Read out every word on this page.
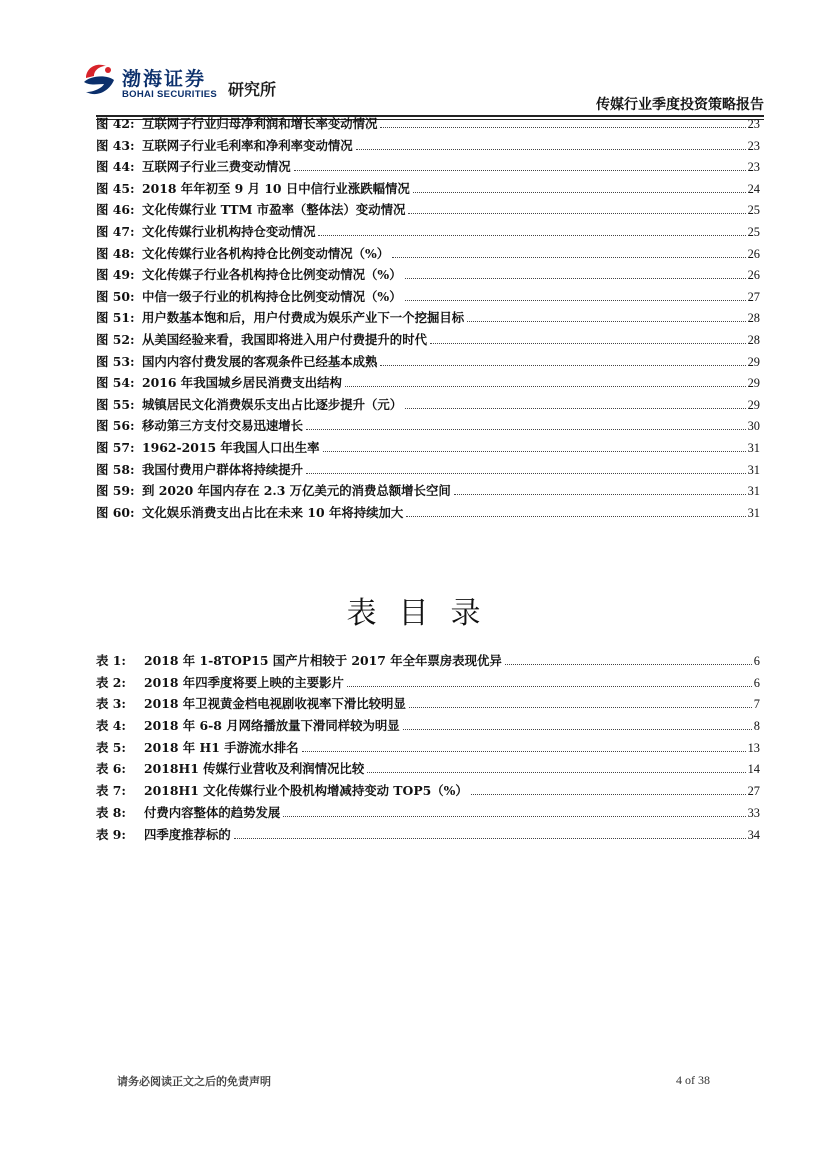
渤海证券
BOHAI SECURITIES 研究所
传媒行业季度投资策略报告
图 42: 互联网子行业归母净利润和增长率变动情况	23
图 43: 互联网子行业毛利率和净利率变动情况	23
图 44: 互联网子行业三费变动情况	23
图 45: 2018 年年初至 9 月 10 日中信行业涨跌幅情况	24
图 46: 文化传媒行业 TTM 市盈率（整体法）变动情况	25
图 47: 文化传媒行业机构持仓变动情况	25
图 48: 文化传媒行业各机构持仓比例变动情况（%）	26
图 49: 文化传媒子行业各机构持仓比例变动情况（%）	26
图 50: 中信一级子行业的机构持仓比例变动情况（%）	27
图 51: 用户数基本饱和后，用户付费成为娱乐产业下一个挖掘目标	28
图 52: 从美国经验来看，我国即将进入用户付费提升的时代	28
图 53: 国内内容付费发展的客观条件已经基本成熟	29
图 54: 2016 年我国城乡居民消费支出结构	29
图 55: 城镇居民文化消费娱乐支出占比逐步提升（元）	29
图 56: 移动第三方支付交易迅速增长	30
图 57: 1962-2015 年我国人口出生率	31
图 58: 我国付费用户群体将持续提升	31
图 59: 到 2020 年国内存在 2.3 万亿美元的消费总额增长空间	31
图 60: 文化娱乐消费支出占比在未来 10 年将持续加大	31
表目录
表 1:	2018 年 1-8TOP15 国产片相较于 2017 年全年票房表现优异	6
表 2:	2018 年四季度将要上映的主要影片	6
表 3:	2018 年卫视黄金档电视剧收视率下滑比较明显	7
表 4:	2018 年 6-8 月网络播放量下滑同样较为明显	8
表 5:	2018 年 H1 手游流水排名	13
表 6:	2018H1 传媒行业营收及利润情况比较	14
表 7:	2018H1 文化传媒行业个股机构增减持变动 TOP5（%）	27
表 8:	付费内容整体的趋势发展	33
表 9:	四季度推荐标的	34
请务必阅读正文之后的免责声明	4 of 38
